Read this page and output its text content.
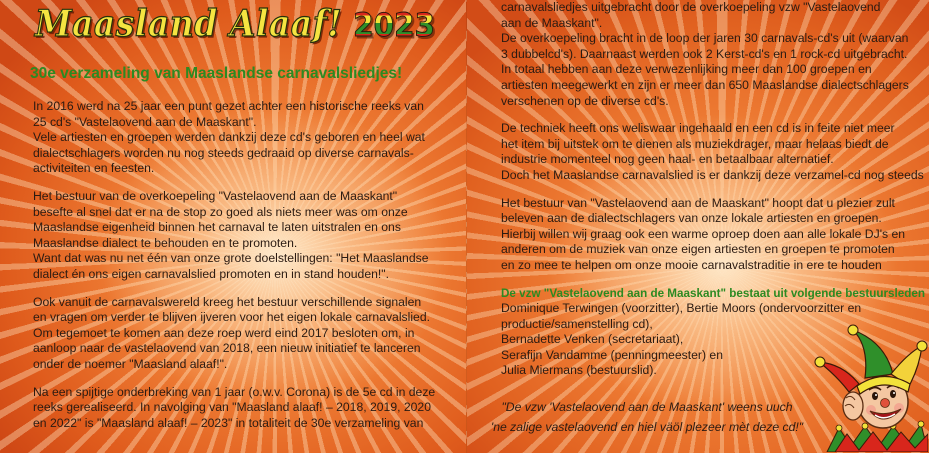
Maasland Alaaf! 2023
30e verzameling van Maaslandse carnavalsliedjes!
In 2016 werd na 25 jaar een punt gezet achter een historische reeks van
25 cd's "Vastelaovend aan de Maaskant".
Vele artiesten en groepen werden dankzij deze cd's geboren en heel wat
dialectschlagers worden nu nog steeds gedraaid op diverse carnavals-
activiteiten en feesten.
Het bestuur van de overkoepeling "Vastelaovend aan de Maaskant"
besefte al snel dat er na de stop zo goed als niets meer was om onze
Maaslandse eigenheid binnen het carnaval te laten uitstralen en ons
Maaslandse dialect te behouden en te promoten.
Want dat was nu net één van onze grote doelstellingen: "Het Maaslandse
dialect én ons eigen carnavalslied promoten en in stand houden!".
Ook vanuit de carnavalswereld kreeg het bestuur verschillende signalen
en vragen om verder te blijven ijveren voor het eigen lokale carnavalslied.
Om tegemoet te komen aan deze roep werd eind 2017 besloten om, in
aanloop naar de vastelaovend van 2018, een nieuw initiatief te lanceren
onder de noemer "Maasland alaaf!".
Na een spijtige onderbreking van 1 jaar (o.w.v. Corona) is de 5e cd in deze
reeks gerealiseerd. In navolging van "Maasland alaaf! – 2018, 2019, 2020
en 2022" is "Maasland alaaf! – 2023" in totaliteit de 30e verzameling van
carnavalsliedjes uitgebracht door de overkoepeling vzw "Vastelaovend
aan de Maaskant".
De overkoepeling bracht in de loop der jaren 30 carnavals-cd's uit (waarvan
3 dubbelcd's). Daarnaast werden ook 2 Kerst-cd's en 1 rock-cd uitgebracht.
In totaal hebben aan deze verwezenlijking meer dan 100 groepen en
artiesten meegewerkt en zijn er meer dan 650 Maaslandse dialectschlagers
verschenen op de diverse cd's.
De techniek heeft ons weliswaar ingehaald en een cd is in feite niet meer
het item bij uitstek om te dienen als muziekdrager, maar helaas biedt de
industrie momenteel nog geen haal- en betaalbaar alternatief.
Doch het Maaslandse carnavalslied is er dankzij deze verzamel-cd nog steeds
Het bestuur van "Vastelaovend aan de Maaskant" hoopt dat u plezier zult
beleven aan de dialectschlagers van onze lokale artiesten en groepen.
Hierbij willen wij graag ook een warme oproep doen aan alle lokale DJ's en
anderen om de muziek van onze eigen artiesten en groepen te promoten
en zo mee te helpen om onze mooie carnavalstraditie in ere te houden
De vzw "Vastelaovend aan de Maaskant" bestaat uit volgende bestuursleden
Dominique Terwingen (voorzitter), Bertie Moors (ondervoorzitter en
productie/samenstelling cd),
Bernadette Venken (secretariaat),
Serafijn Vandamme (penningmeester) en
Julia Miermans (bestuurslid).
"De vzw 'Vastelaovend aan de Maaskant' weens uuch
'ne zalige vastelaovend en hiel väöl plezeer mèt deze cd!"
